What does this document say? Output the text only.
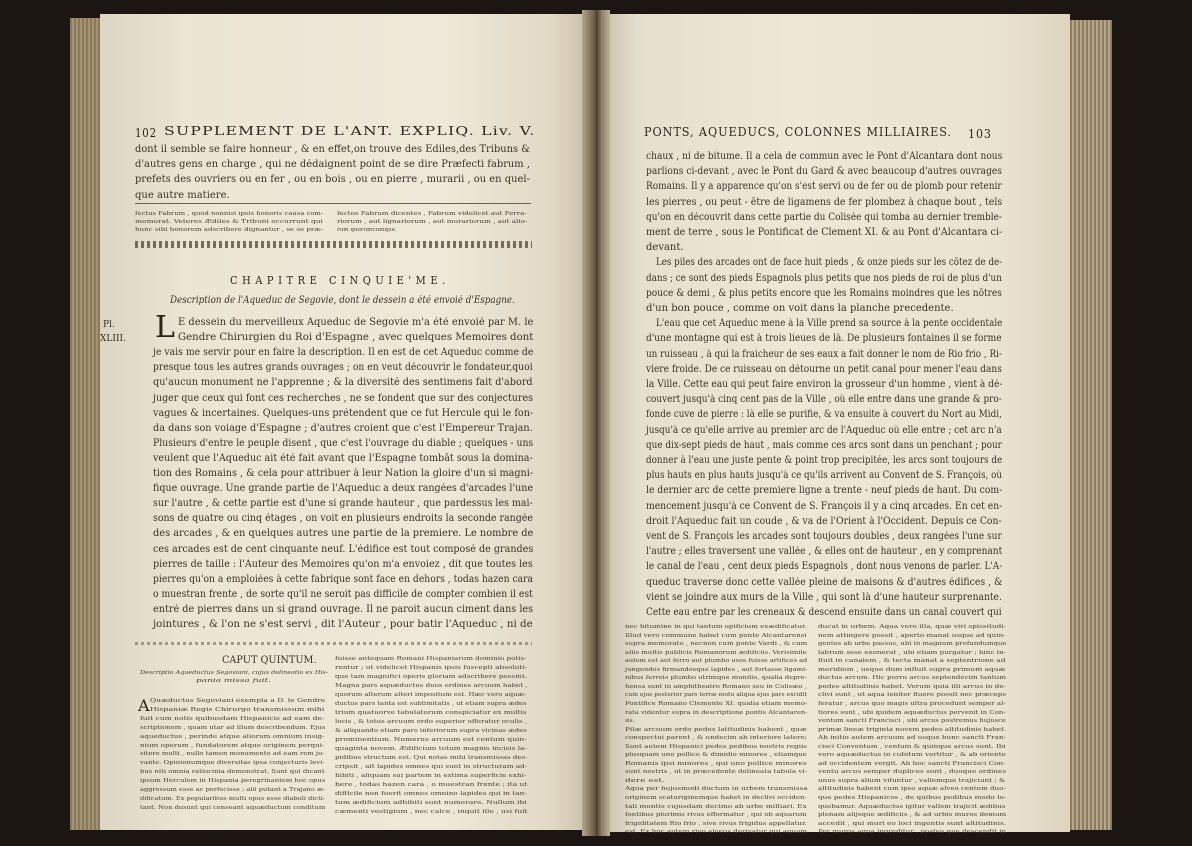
102 SUPPLEMENT DE L'ANT. EXPLIQ. Liv. V.
dont il semble se faire honneur , & en effet,on trouve des Ediles,des Tribuns &
d'autres gens en charge , qui ne dédaignent point de se dire Præfecti fabrum ,
prefets des ouvriers ou en fer , ou en bois , ou en pierre , murarii , ou en quel-
que autre matiere.
fectus Fabrum , quod nonnisi ipsis honoris causa com-
memorat. Veteres Ædiles & Tribuni occurrunt qui
hunc sibi honorem adscribere dignantur , se se præ-
fectos Fabrum dicentes , Fabrum videlicet aut Ferra-
riorum , aut lignariorum , aut murariorum , aut alio-
rum quorumcumque.
CHAPITRE CINQUIE'ME.
Description de l'Aqueduc de Segovie, dont le dessein a été envoié d'Espagne.
Pl.
XLIII. L E dessein du merveilleux Aqueduc de Segovie m'a été envoié par M. le
Gendre Chirurgien du Roi d'Espagne , avec quelques Memoires dont
je vais me servir pour en faire la description. Il en est de cet Aqueduc comme de
presque tous les autres grands ouvrages ; on en veut découvrir le fondateur,quoi
qu'aucun monument ne l'apprenne ; & la diversité des sentimens fait d'abord
juger que ceux qui font ces recherches , ne se fondent que sur des conjectures
vagues & incertaines. Quelques-uns prétendent que ce fut Hercule qui le fon-
da dans son voiage d'Espagne ; d'autres croient que c'est l'Empereur Trajan.
Plusieurs d'entre le peuple disent , que c'est l'ouvrage du diable ; quelques - uns
veulent que l'Aqueduc ait été fait avant que l'Espagne tombât sous la domina-
tion des Romains , & cela pour attribuer à leur Nation la gloire d'un si magni-
fique ouvrage. Une grande partie de l'Aqueduc a deux rangées d'arcades l'une
sur l'autre , & cette partie est d'une si grande hauteur , que pardessus les mai-
sons de quatre ou cinq étages , on voit en plusieurs endroits la seconde rangée
des arcades , & en quelques autres une partie de la premiere. Le nombre de
ces arcades est de cent cinquante neuf. L'édifice est tout composé de grandes
pierres de taille : l'Auteur des Memoires qu'on m'a envoiez , dit que toutes les
pierres qu'on a emploiées à cette fabrique sont face en dehors , todas hazen cara
o muestran frente , de sorte qu'il ne seroit pas difficile de compter combien il est
entré de pierres dans un si grand ouvrage. Il ne paroit aucun ciment dans les
jointures , & l'on ne s'est servi , dit l'Auteur , pour batir l'Aqueduc , ni de
CAPUT QUINTUM.
Descriptio Aqueductus Segoviani, cujus delineatio ex His-
pania missa fuit.
A Quæductus Segoviani exempla a D. le Gendre
Hispaniæ Regis Chirurgo transmissum mihi
fuit cum notis quibusdam Hispanicis ad eam de-
scriptionem , quam utar ad illum describendum. Ejus
aqueductus , perinde atque aliorum omnium insig-
nium operum , fundatorem atque originem perqui-
sitere multi , nullo tamen monumento ad eam rem ju-
vante. Opinionumque diversitas ipsa conjecturis levi-
bus niti omnia ratiocinia demonstrat. Sunt qui dicant
ipsum Herculem in Hispania peregrinantem hoc opus
aggressum esse ac perfecisse ; alii putant a Trajano æ-
dificatum. Ex popularibus multi opus esse diaboli dicti-
tant. Non desunt qui censeant aquæductum conditum
fuisse antequam Romani Hispaniarum dominio potis-
rentur ; ut videlicet Hispanis ipsis fuscepti absoluti-
que tam magnifici operis gloriam adscribere possint.
Magna pars aquæductus duos ordines arcuum habet ,
quorum alterum alteri impositum est. Hæc vero aquæ-
ductus pars tanta est sublimitatis , ut etiam supra ædes
trium quatuorve tabulatorum conspiciatur ex multis
locis , & totus arcuum ordo superior offeratur oculis ,
& aliquando etiam pars inferiorum supra vicinas ædes
prominentium. Numerus arcuum est centum quin-
quaginta novem. Ædificium totum magnis incisis la-
pidibus structum est. Qui notas mihi transmissas des-
cripsit , ait lapides omnes qui sunt in structuram ad-
hibiti , aliquam sui partem in extima superficie exhi-
bere , todas hazen cara , o muestran frente ; ita ut
difficile non fuerit omnes omnino lapides qui in tan-
tum ædificium adhibiti sunt numerare. Nullum ibi
cæmenti vestigium , nec calce , inquit ille , usi fuit
PONTS, AQUEDUCS, COLONNES MILLIAIRES. 103
chaux , ni de bitume. Il a cela de commun avec le Pont d'Alcantara dont nous
parlions ci-devant , avec le Pont du Gard & avec beaucoup d'autres ouvrages
Romains. Il y a apparence qu'on s'est servi ou de fer ou de plomb pour retenir
les pierres , ou peut - être de ligamens de fer plombez à chaque bout , tels
qu'on en découvrit dans cette partie du Colisée qui tomba au dernier tremble-
ment de terre , sous le Pontificat de Clement XI. & au Pont d'Alcantara ci-
devant.
Les piles des arcades ont de face huit pieds , & onze pieds sur les côtez de de-
dans ; ce sont des pieds Espagnols plus petits que nos pieds de roi de plus d'un
pouce & demi , & plus petits encore que les Romains moindres que les nôtres
d'un bon pouce , comme on voit dans la planche precedente.
L'eau que cet Aqueduc mene à la Ville prend sa source à la pente occidentale
d'une montagne qui est à trois lieues de là. De plusieurs fontaines il se forme
un ruisseau , à qui la fraicheur de ses eaux a fait donner le nom de Rio frio , Ri-
viere froide. De ce ruisseau on détourne un petit canal pour mener l'eau dans
la Ville. Cette eau qui peut faire environ la grosseur d'un homme , vient à dé-
couvert jusqu'à cinq cent pas de la Ville , où elle entre dans une grande & pro-
fonde cuve de pierre : là elle se purifie, & va ensuite à couvert du Nort au Midi,
jusqu'à ce qu'elle arrive au premier arc de l'Aqueduc où elle entre ; cet arc n'a
que dix-sept pieds de haut , mais comme ces arcs sont dans un penchant ; pour
donner à l'eau une juste pente & point trop precipitée, les arcs sont toujours de
plus hauts en plus hauts jusqu'à ce qu'ils arrivent au Convent de S. François, où
le dernier arc de cette premiere ligne a trente - neuf pieds de haut. Du com-
mencement jusqu'à ce Convent de S. François il y a cinq arcades. En cet en-
droit l'Aqueduc fait un coude , & va de l'Orient à l'Occident. Depuis ce Con-
vent de S. François les arcades sont toujours doubles , deux rangées l'une sur
l'autre ; elles traversent une vallée , & elles ont de hauteur , en y comprenant
le canal de l'eau , cent deux pieds Espagnols , dont nous venons de parler. L'A-
queduc traverse donc cette vallée pleine de maisons & d'autres édifices , &
vient se joindre aux murs de la Ville , qui sont là d'une hauteur surprenante.
Cette eau entre par les creneaux & descend ensuite dans un canal couvert qui
nec bitumine in qui tantum opificium exædificatur.
Illud vero commune habet cum ponte Alcantarensi
supra memorato , necnon cum ponte Vardi , & cum
aliis multis publicis Romanorum ædificiis. Verisimile
autem est aut ferro aut plumbo usos fuisse artifices ad
jungendos firmandosque lapides , aut fortasse ligami-
nibus ferreis plumbo utrimque munitis, qualia depre-
hensa sunt in amphitheatro Romano seu in Colisæo ,
cum ejus posterior pars terræ motu aliqua ejus pars excidit
Pontifice Romano Clemente XI. qualia etiam memo-
rata videntur supra in descriptione pontis Alcantaren-
sis.
Pilæ arcuum ordo pedes latitudinis habent , quæ
conspectui parent , & undecim ab interiore latere;
Sunt autem Hispanici pedes pedibus nostris regiis
plusquam uno pollice & dimidio minores , etiamque
Romanis ipsi minores , qui uno pollice minores
sunt nostris , ut in præcedente delineata tabula vi-
dere est.
Aqua per hujusmodi ductum in urbem transmissa
originem scaturiginemque habet in declivi occiden-
tali montis cujusdam decimo ab urbe milliari. Ex
fontibus plurimis rivus efformatur , qui ob aquarum
frigiditatem Rio frio , sive rivus frigidus appellatur.
est. Ex hoc autem rivo alveus derivatur qui aquam
ducat in urbem. Aqua vero illa, quæ viri spissitudi-
nem attingere possit , aperto manat usque ad quin-
gentos ab urbe passus, ubi in magnum profundumque
labrum sese exonerat , ubi etiam purgatur ; hinc in-
fluit in canalem , & tecta manat a septentrione ad
meridiem , usque dum influit supra primum aquæ
ductus arcum. Hic porro arcus septendecim tantum
pedes altitudinis habet. Verum quia illi arcus in de-
clivi sunt , ut aqua leniter fluere possit nec præceps
feratur , arcus quo magis ultra procedunt semper al-
tiores sunt , ubi quidem aquæductus pervenit in Con-
ventum sancti Francisci , ubi arcus postremus hujusce
primæ lineæ triginta novem pedes altitudinis habet.
Ab initio autem arcuum ad usque hunc sancti Fran-
cisci Conventum , centum & quinque arcus sunt. Ibi
vero aquæductus in cubitum vertitur , & ab oriente
ad occidentem vergit. Ab hoc sancti Francisci Con-
ventu arcus semper duplices sunt , duoque ordines
unus supra alium vifuntur , vallemque trajiciunt ; &
altitudinis habent cum ipso aquæ alveo centum duo-
que pedes Hispanicos , de quibus pedibus modo lo-
quebamur. Aquæductus igitur vallem trajicit ædibus
plenam alijsque ædificiis , & ad urbis muros demum
accedit , qui muri eo loci ingentis sunt altitudinis.
Per muros aqua ingreditur , postea que descendit in
